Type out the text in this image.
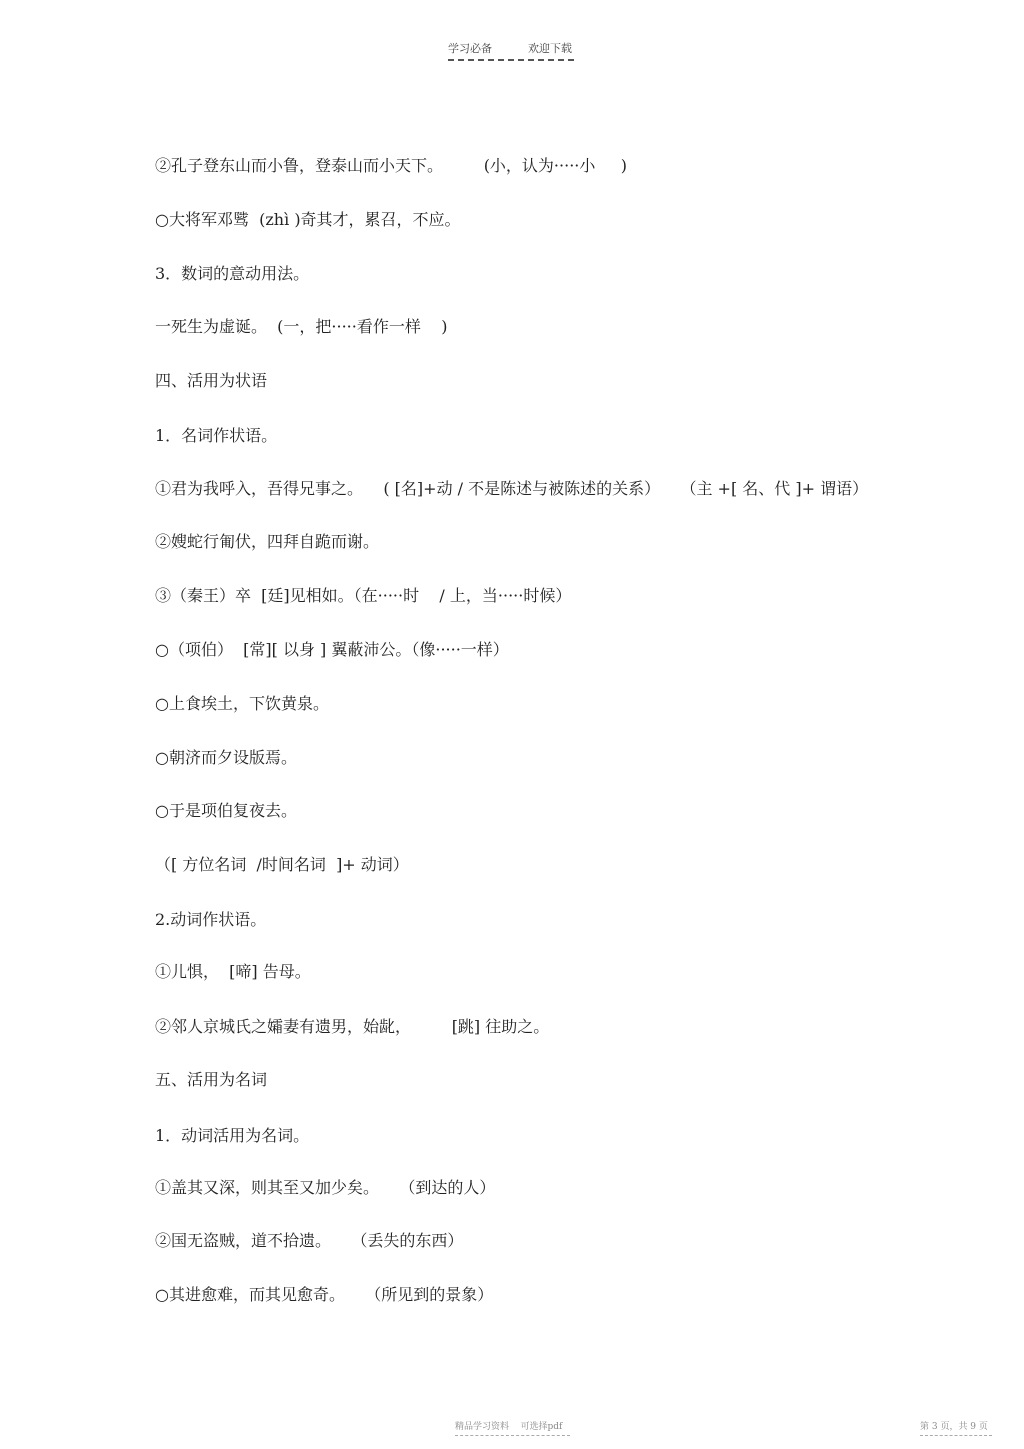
学习必备	欢迎下载
②孔子登东山而小鲁，登泰山而小天下。        (小，认为·····小     )
○大将军邓骘  (zhì )奇其才，累召，不应。
3．数词的意动用法。
一死生为虚诞。  (一，把·····看作一样    )
四、活用为状语
1．名词作状语。
①君为我呼入，吾得兄事之。    ( [名]+动 / 不是陈述与被陈述的关系）    （主 +[ 名、代 ]+ 谓语）
②嫂蛇行匍伏，四拜自跪而谢。
③（秦王）卒  [廷]见相如。（在·····时    / 上，当·····时候）
○（项伯）  [常][ 以身 ] 翼蔽沛公。（像·····一样）
○上食埃土，下饮黄泉。
○朝济而夕设版焉。
○于是项伯复夜去。
（[ 方位名词  /时间名词  ]+ 动词）
2.动词作状语。
①儿惧，  [啼] 告母。
②邻人京城氏之孀妻有遗男，始龀，        [跳] 往助之。
五、活用为名词
1．动词活用为名词。
①盖其又深，则其至又加少矣。    （到达的人）
②国无盗贼，道不拾遗。    （丢失的东西）
○其进愈难，而其见愈奇。    （所见到的景象）
精品学习资料    可选择pdf	第 3 页，共 9 页
